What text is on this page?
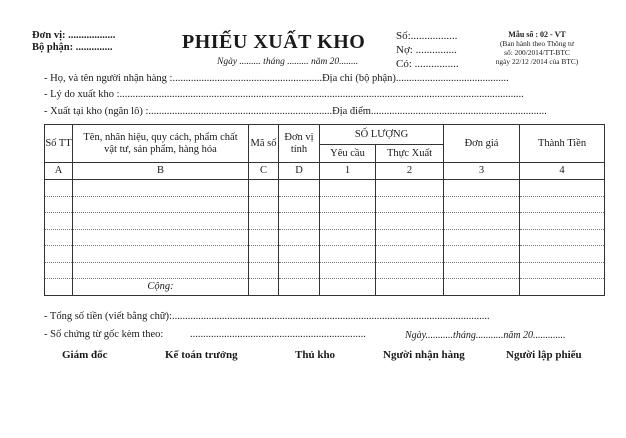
Đơn vị: ..................
Bộ phận: ..............	PHIẾU XUẤT KHO
Ngày ......... tháng ......... năm 20........
Số:.................
Nợ: ...............
Có: ................
Mẫu số : 02 - VT
(Ban hành theo Thông tư
số: 200/2014/TT-BTC
ngày 22/12 /2014 của BTC)
- Họ, và tên người nhận hàng :.........................................................Địa chỉ (bộ phận)...........................................
- Lý do xuất kho :..........................................................................................................................................................
- Xuất tại kho (ngăn lô) :......................................................................Địa điểm...................................................................
Số TT	Tên, nhãn hiệu, quy cách, phẩm chất vật tư, sản phẩm, hàng hóa	Mã số	Đơn vị tính	SỐ LƯỢNG		Đơn giá	Thành Tiền
				Yêu cầu	Thực Xuất		
A	B	C	D	1	2	3	4

	Cộng:						
- Tổng số tiền (viết bằng chữ):.........................................................................................................................
- Số chứng từ gốc kèm theo:	...................................................................	Ngày...........tháng...........năm 20.............
Giám đốc	Kế toán trưởng	Thủ kho	Người nhận hàng	Người lập phiếu
